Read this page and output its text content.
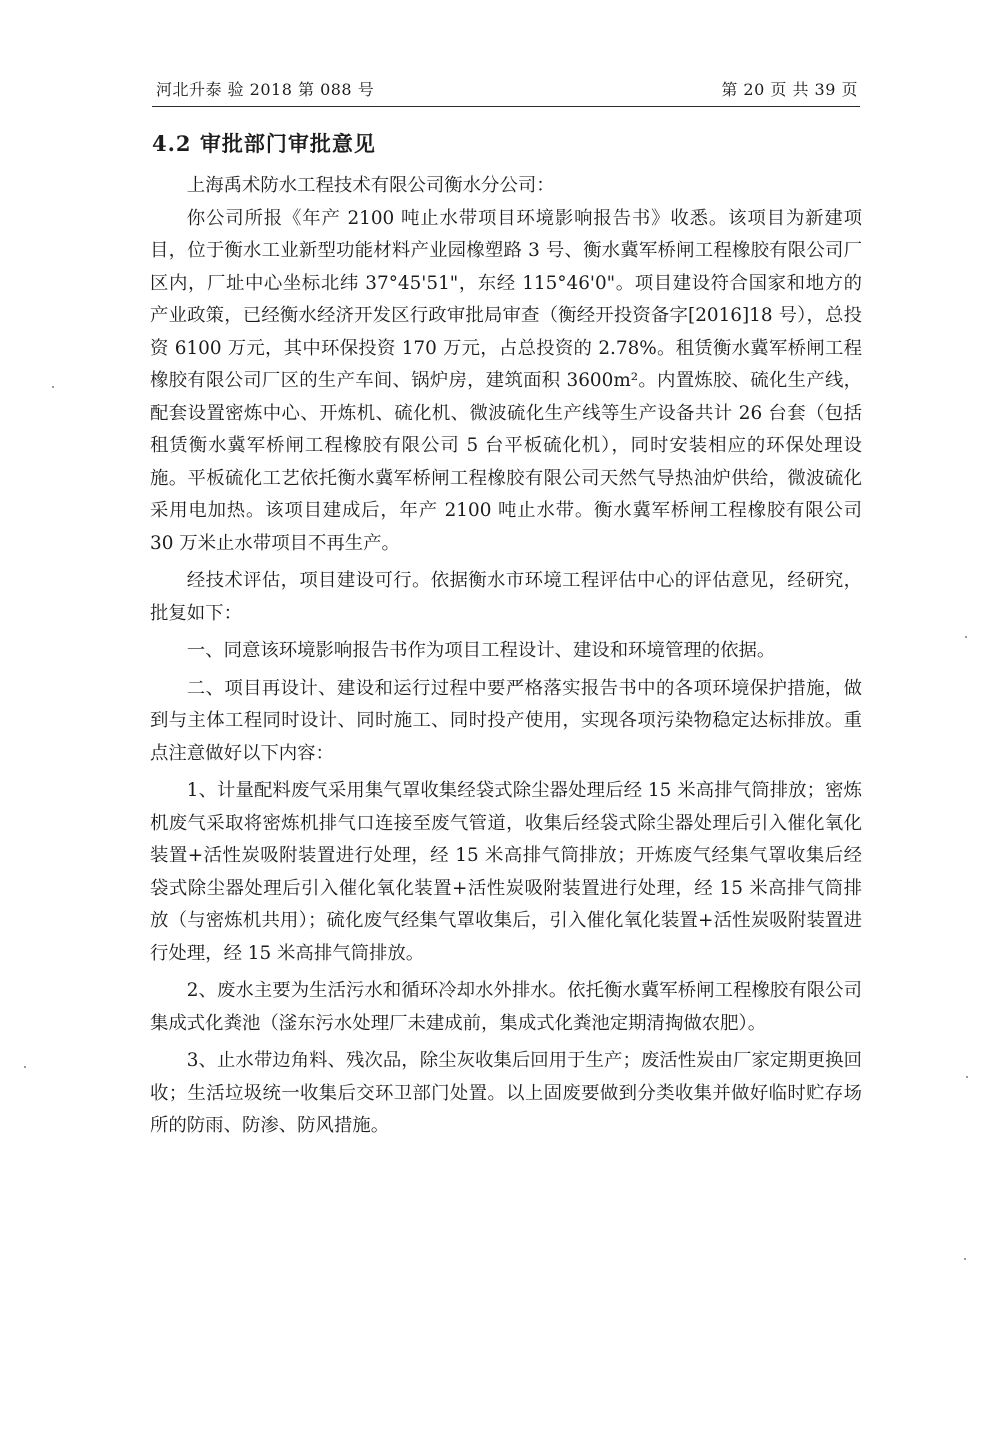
河北升泰 验 2018 第 088 号	第 20 页 共 39 页
4.2 审批部门审批意见

上海禹术防水工程技术有限公司衡水分公司：

你公司所报《年产 2100 吨止水带项目环境影响报告书》收悉。该项目为新建项目，位于衡水工业新型功能材料产业园橡塑路 3 号、衡水冀军桥闸工程橡胶有限公司厂区内，厂址中心坐标北纬 37°45'51"，东经 115°46'0"。项目建设符合国家和地方的产业政策，已经衡水经济开发区行政审批局审查（衡经开投资备字[2016]18 号），总投资 6100 万元，其中环保投资 170 万元，占总投资的 2.78%。租赁衡水冀军桥闸工程橡胶有限公司厂区的生产车间、锅炉房，建筑面积 3600m²。内置炼胶、硫化生产线，配套设置密炼中心、开炼机、硫化机、微波硫化生产线等生产设备共计 26 台套（包括租赁衡水冀军桥闸工程橡胶有限公司 5 台平板硫化机），同时安装相应的环保处理设施。平板硫化工艺依托衡水冀军桥闸工程橡胶有限公司天然气导热油炉供给，微波硫化采用电加热。该项目建成后，年产 2100 吨止水带。衡水冀军桥闸工程橡胶有限公司 30 万米止水带项目不再生产。

经技术评估，项目建设可行。依据衡水市环境工程评估中心的评估意见，经研究，批复如下：

一、同意该环境影响报告书作为项目工程设计、建设和环境管理的依据。

二、项目再设计、建设和运行过程中要严格落实报告书中的各项环境保护措施，做到与主体工程同时设计、同时施工、同时投产使用，实现各项污染物稳定达标排放。重点注意做好以下内容：

1、计量配料废气采用集气罩收集经袋式除尘器处理后经 15 米高排气筒排放；密炼机废气采取将密炼机排气口连接至废气管道，收集后经袋式除尘器处理后引入催化氧化装置+活性炭吸附装置进行处理，经 15 米高排气筒排放；开炼废气经集气罩收集后经袋式除尘器处理后引入催化氧化装置+活性炭吸附装置进行处理，经 15 米高排气筒排放（与密炼机共用）；硫化废气经集气罩收集后，引入催化氧化装置+活性炭吸附装置进行处理，经 15 米高排气筒排放。

2、废水主要为生活污水和循环冷却水外排水。依托衡水冀军桥闸工程橡胶有限公司集成式化粪池（滏东污水处理厂未建成前，集成式化粪池定期清掏做农肥）。

3、止水带边角料、残次品，除尘灰收集后回用于生产；废活性炭由厂家定期更换回收；生活垃圾统一收集后交环卫部门处置。以上固废要做到分类收集并做好临时贮存场所的防雨、防渗、防风措施。
